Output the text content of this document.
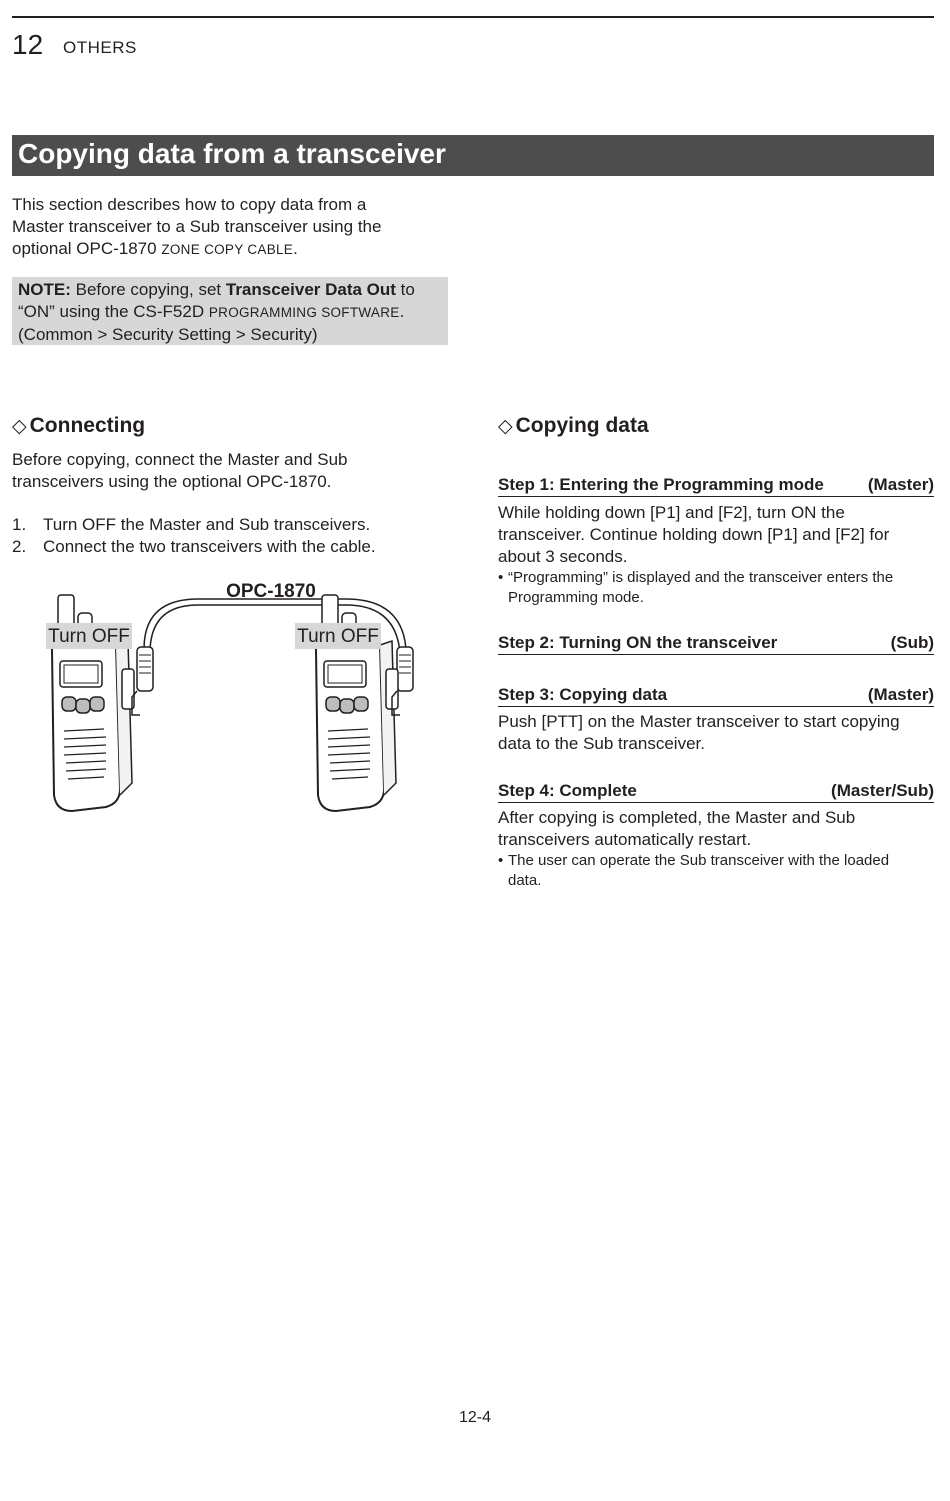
12 OTHERS
Copying data from a transceiver
This section describes how to copy data from a
Master transceiver to a Sub transceiver using the
optional OPC-1870 ZONE COPY CABLE.
NOTE: Before copying, set Transceiver Data Out to
“ON” using the CS-F52D PROGRAMMING SOFTWARE.
(Common > Security Setting > Security)
◇ Connecting
Before copying, connect the Master and Sub
transceivers using the optional OPC-1870.
1. Turn OFF the Master and Sub transceivers.
2. Connect the two transceivers with the cable.
OPC-1870
Turn OFF	Turn OFF
◇ Copying data
Step 1: Entering the Programming mode	(Master)
While holding down [P1] and [F2], turn ON the
transceiver. Continue holding down [P1] and [F2] for
about 3 seconds.
• “Programming” is displayed and the transceiver enters the
Programming mode.
Step 2: Turning ON the transceiver	(Sub)
Step 3: Copying data	(Master)
Push [PTT] on the Master transceiver to start copying
data to the Sub transceiver.
Step 4: Complete	(Master/Sub)
After copying is completed, the Master and Sub
transceivers automatically restart.
• The user can operate the Sub transceiver with the loaded
data.
12-4
